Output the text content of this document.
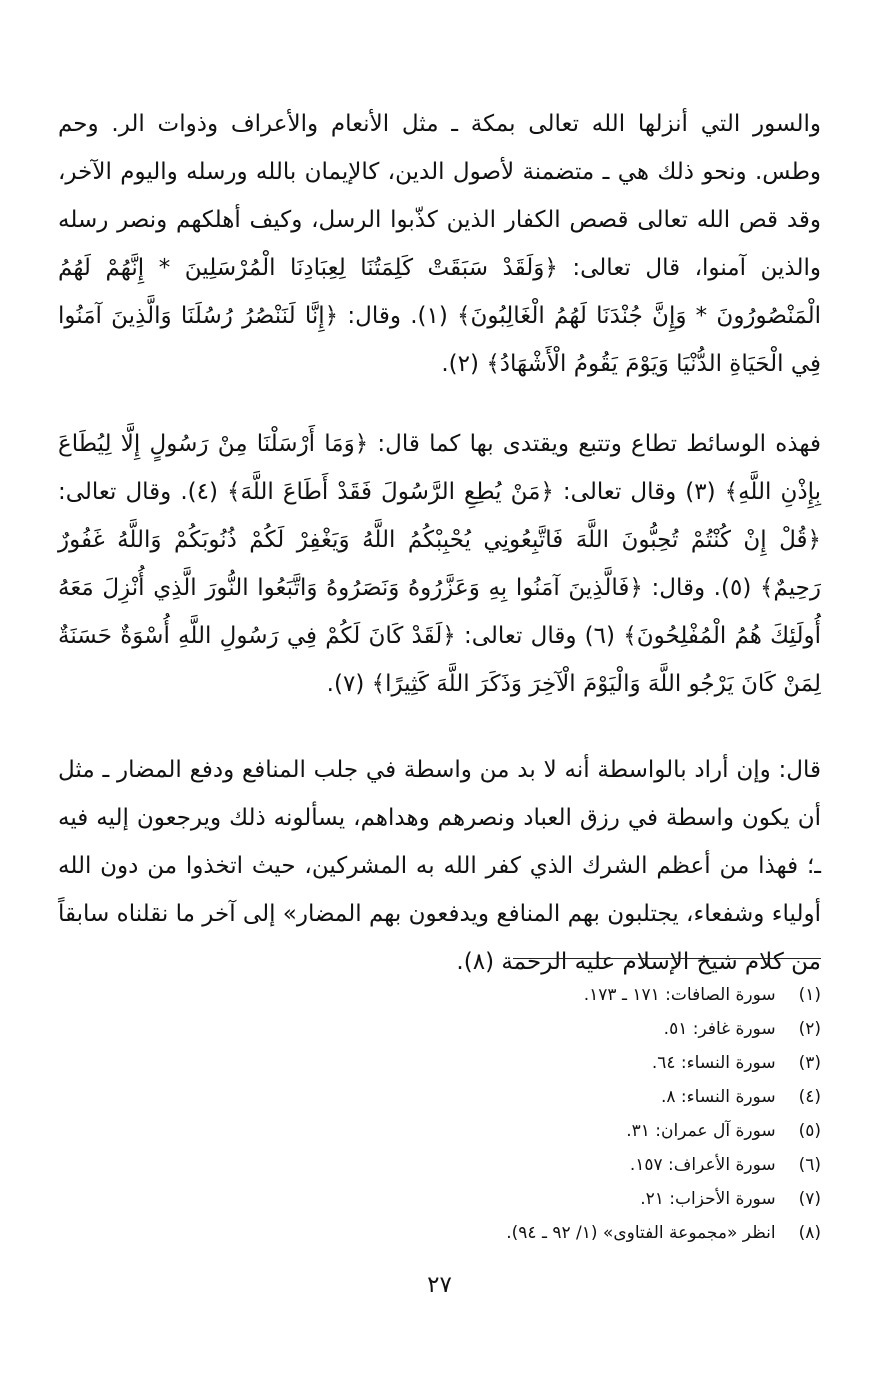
والسور التي أنزلها الله تعالى بمكة ـ مثل الأنعام والأعراف وذوات الر. وحم وطس. ونحو ذلك هي ـ متضمنة لأصول الدين، كالإيمان بالله ورسله واليوم الآخر، وقد قص الله تعالى قصص الكفار الذين كذّبوا الرسل، وكيف أهلكهم ونصر رسله والذين آمنوا، قال تعالى: ﴿وَلَقَدْ سَبَقَتْ كَلِمَتُنَا لِعِبَادِنَا الْمُرْسَلِينَ * إِنَّهُمْ لَهُمُ الْمَنْصُورُونَ * وَإِنَّ جُنْدَنَا لَهُمُ الْغَالِبُونَ﴾ (١). وقال: ﴿إِنَّا لَنَنْصُرُ رُسُلَنَا وَالَّذِينَ آمَنُوا فِي الْحَيَاةِ الدُّنْيَا وَيَوْمَ يَقُومُ الْأَشْهَادُ﴾ (٢).

فهذه الوسائط تطاع وتتبع ويقتدى بها كما قال: ﴿وَمَا أَرْسَلْنَا مِنْ رَسُولٍ إِلَّا لِيُطَاعَ بِإِذْنِ اللَّهِ﴾ (٣) وقال تعالى: ﴿مَنْ يُطِعِ الرَّسُولَ فَقَدْ أَطَاعَ اللَّهَ﴾ (٤). وقال تعالى: ﴿قُلْ إِنْ كُنْتُمْ تُحِبُّونَ اللَّهَ فَاتَّبِعُونِي يُحْبِبْكُمُ اللَّهُ وَيَغْفِرْ لَكُمْ ذُنُوبَكُمْ وَاللَّهُ غَفُورٌ رَحِيمٌ﴾ (٥). وقال: ﴿فَالَّذِينَ آمَنُوا بِهِ وَعَزَّرُوهُ وَنَصَرُوهُ وَاتَّبَعُوا النُّورَ الَّذِي أُنْزِلَ مَعَهُ أُولَئِكَ هُمُ الْمُفْلِحُونَ﴾ (٦) وقال تعالى: ﴿لَقَدْ كَانَ لَكُمْ فِي رَسُولِ اللَّهِ أُسْوَةٌ حَسَنَةٌ لِمَنْ كَانَ يَرْجُو اللَّهَ وَالْيَوْمَ الْآخِرَ وَذَكَرَ اللَّهَ كَثِيرًا﴾ (٧).

قال: وإن أراد بالواسطة أنه لا بد من واسطة في جلب المنافع ودفع المضار ـ مثل أن يكون واسطة في رزق العباد ونصرهم وهداهم، يسألونه ذلك ويرجعون إليه فيه ـ؛ فهذا من أعظم الشرك الذي كفر الله به المشركين، حيث اتخذوا من دون الله أولياء وشفعاء، يجتلبون بهم المنافع ويدفعون بهم المضار» إلى آخر ما نقلناه سابقاً من كلام شيخ الإسلام عليه الرحمة (٨).

(١) سورة الصافات: ١٧١ ـ ١٧٣.
(٢) سورة غافر: ٥١.
(٣) سورة النساء: ٦٤.
(٤) سورة النساء: ٨.
(٥) سورة آل عمران: ٣١.
(٦) سورة الأعراف: ١٥٧.
(٧) سورة الأحزاب: ٢١.
(٨) انظر «مجموعة الفتاوى» (١/ ٩٢ ـ ٩٤).
٢٧
